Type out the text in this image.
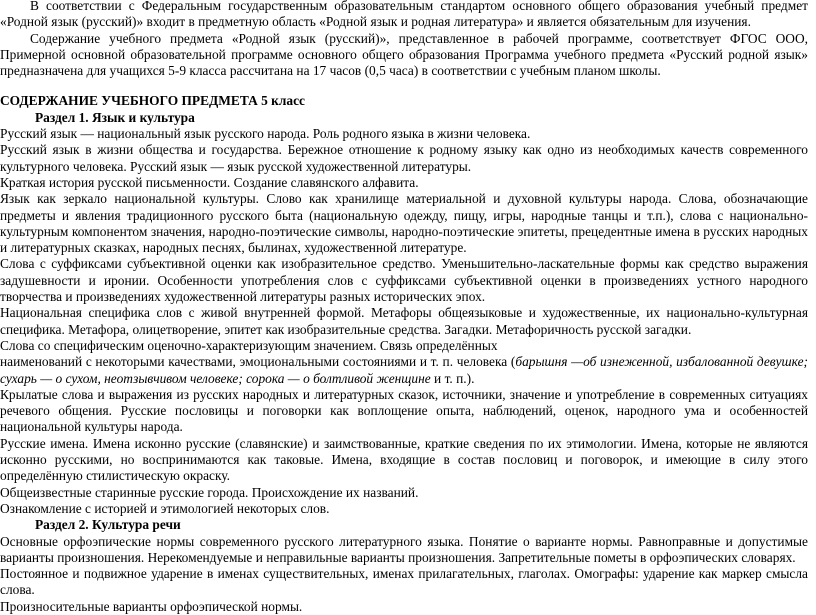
В соответствии с Федеральным государственным образовательным стандартом основного общего образования учебный предмет «Родной язык (русский)» входит в предметную область «Родной язык и родная литература» и является обязательным для изучения.

Содержание учебного предмета «Родной язык (русский)», представленное в рабочей программе, соответствует ФГОС ООО, Примерной основной образовательной программе основного общего образования Программа учебного предмета «Русский родной язык» предназначена для учащихся 5-9 класса рассчитана на 17 часов (0,5 часа) в соответствии с учебным планом школы.

СОДЕРЖАНИЕ УЧЕБНОГО ПРЕДМЕТА 5 класс

Раздел 1. Язык и культура

Русский язык — национальный язык русского народа. Роль родного языка в жизни человека.

Русский язык в жизни общества и государства. Бережное отношение к родному языку как одно из необходимых качеств современного культурного человека. Русский язык — язык русской художественной литературы.

Краткая история русской письменности. Создание славянского алфавита.

Язык как зеркало национальной культуры. Слово как хранилище материальной и духовной культуры народа. Слова, обозначающие предметы и явления традиционного русского быта (национальную одежду, пищу, игры, народные танцы и т.п.), слова с национально-культурным компонентом значения, народно-поэтические символы, народно-поэтические эпитеты, прецедентные имена в русских народных и литературных сказках, народных песнях, былинах, художественной литературе.

Слова с суффиксами субъективной оценки как изобразительное средство. Уменьшительно-ласкательные формы как средство выражения задушевности и иронии. Особенности употребления слов с суффиксами субъективной оценки в произведениях устного народного творчества и произведениях художественной литературы разных исторических эпох.

Национальная специфика слов с живой внутренней формой. Метафоры общеязыковые и художественные, их национально-культурная специфика. Метафора, олицетворение, эпитет как изобразительные средства. Загадки. Метафоричность русской загадки.

Слова со специфическим оценочно-характеризующим значением. Связь определённых

наименований с некоторыми качествами, эмоциональными состояниями и т. п. человека (барышня —об изнеженной, избалованной девушке; сухарь — о сухом, неотзывчивом человеке; сорока — о болтливой женщине и т. п.).

Крылатые слова и выражения из русских народных и литературных сказок, источники, значение и употребление в современных ситуациях речевого общения. Русские пословицы и поговорки как воплощение опыта, наблюдений, оценок, народного ума и особенностей национальной культуры народа.

Русские имена. Имена исконно русские (славянские) и заимствованные, краткие сведения по их этимологии. Имена, которые не являются исконно русскими, но воспринимаются как таковые. Имена, входящие в состав пословиц и поговорок, и имеющие в силу этого определённую стилистическую окраску.

Общеизвестные старинные русские города. Происхождение их названий.

Ознакомление с историей и этимологией некоторых слов.

Раздел 2. Культура речи

Основные орфоэпические нормы современного русского литературного языка. Понятие о варианте нормы. Равноправные и допустимые варианты произношения. Нерекомендуемые и неправильные варианты произношения. Запретительные пометы в орфоэпических словарях.

Постоянное и подвижное ударение в именах существительных, именах прилагательных, глаголах. Омографы: ударение как маркер смысла слова.

Произносительные варианты орфоэпической нормы.
